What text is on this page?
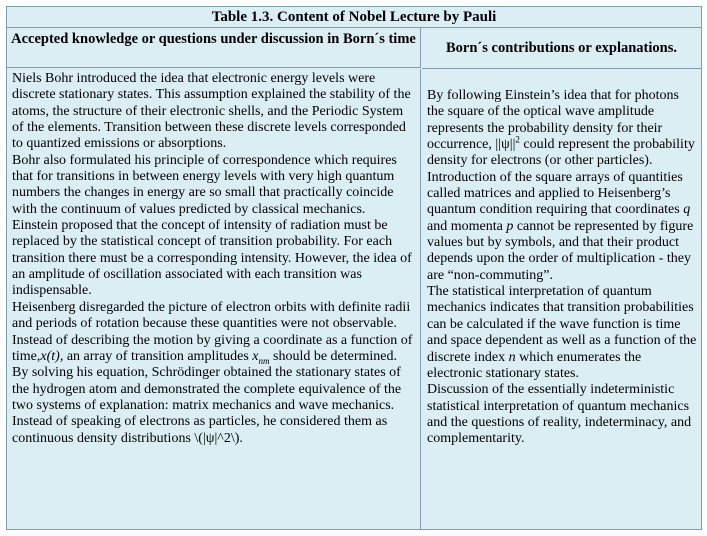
Table 1.3. Content of Nobel Lecture by Pauli
Accepted knowledge or questions under discussion in Born´s time
Born´s contributions or explanations.

Niels Bohr introduced the idea that electronic energy levels were discrete stationary states. This assumption explained the stability of the atoms, the structure of their electronic shells, and the Periodic System of the elements. Transition between these discrete levels corresponded to quantized emissions or absorptions.

Bohr also formulated his principle of correspondence which requires that for transitions in between energy levels with very high quantum numbers the changes in energy are so small that practically coincide with the continuum of values predicted by classical mechanics.

Einstein proposed that the concept of intensity of radiation must be replaced by the statistical concept of transition probability. For each transition there must be a corresponding intensity. However, the idea of an amplitude of oscillation associated with each transition was indispensable.

Heisenberg disregarded the picture of electron orbits with definite radii and periods of rotation because these quantities were not observable. Instead of describing the motion by giving a coordinate as a function of time,x(t), an array of transition amplitudes $x_{nm}$ should be determined.

By solving his equation, Schrödinger obtained the stationary states of the hydrogen atom and demonstrated the complete equivalence of the two systems of explanation: matrix mechanics and wave mechanics. Instead of speaking of electrons as particles, he considered them as continuous density distributions \(|ψ|^2\).

By following Einstein’s idea that for photons the square of the optical wave amplitude represents the probability density for their occurrence, $||\psi||^2$ could represent the probability density for electrons (or other particles).

Introduction of the square arrays of quantities called matrices and applied to Heisenberg’s quantum condition requiring that coordinates q and momenta p cannot be represented by figure values but by symbols, and that their product depends upon the order of multiplication - they are “non-commuting”.

The statistical interpretation of quantum mechanics indicates that transition probabilities can be calculated if the wave function is time and space dependent as well as a function of the discrete index n which enumerates the electronic stationary states.

Discussion of the essentially indeterministic statistical interpretation of quantum mechanics and the questions of reality, indeterminacy, and complementarity.
